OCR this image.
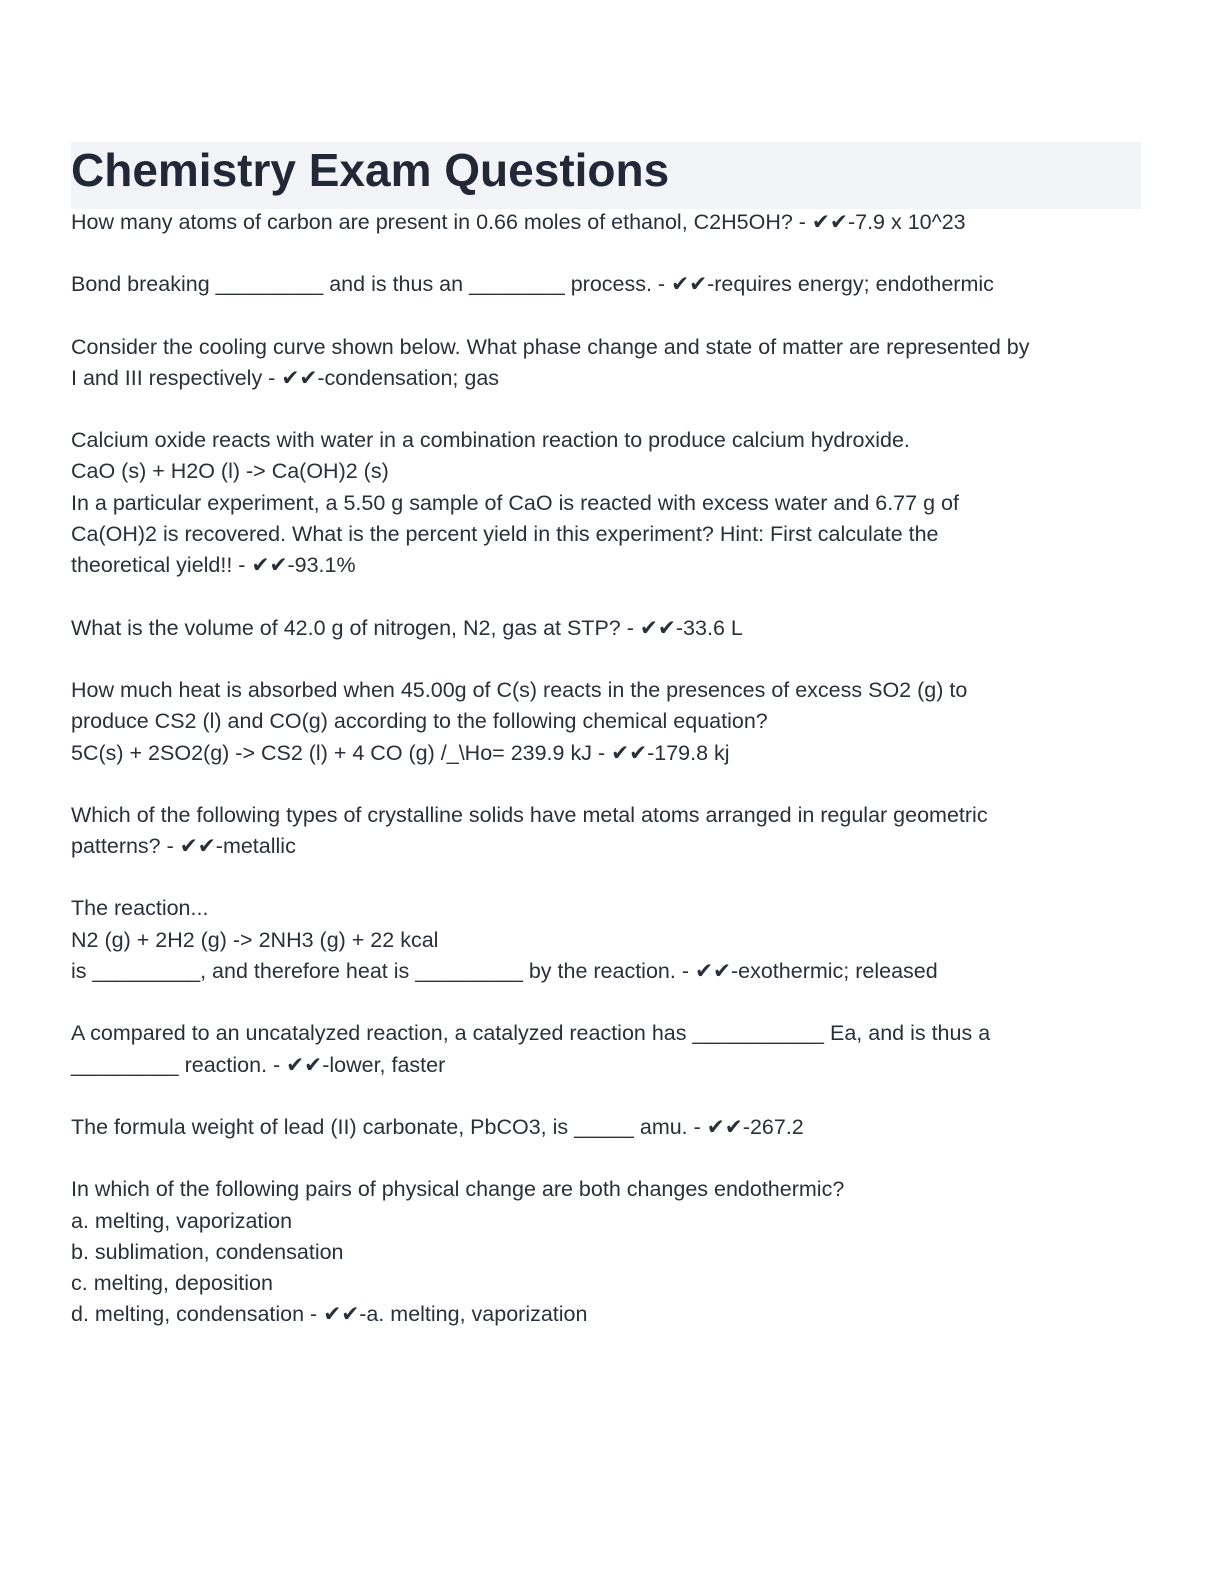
Chemistry Exam Questions
How many atoms of carbon are present in 0.66 moles of ethanol, C2H5OH? - ✔✔-7.9 x 10^23
Bond breaking _________ and is thus an ________ process. - ✔✔-requires energy; endothermic
Consider the cooling curve shown below. What phase change and state of matter are represented by
I and III respectively - ✔✔-condensation; gas
Calcium oxide reacts with water in a combination reaction to produce calcium hydroxide.
CaO (s) + H2O (l) -> Ca(OH)2 (s)
In a particular experiment, a 5.50 g sample of CaO is reacted with excess water and 6.77 g of
Ca(OH)2 is recovered. What is the percent yield in this experiment? Hint: First calculate the
theoretical yield!! - ✔✔-93.1%
What is the volume of 42.0 g of nitrogen, N2, gas at STP? - ✔✔-33.6 L
How much heat is absorbed when 45.00g of C(s) reacts in the presences of excess SO2 (g) to
produce CS2 (l) and CO(g) according to the following chemical equation?
5C(s) + 2SO2(g) -> CS2 (l) + 4 CO (g) /_\Ho= 239.9 kJ - ✔✔-179.8 kj
Which of the following types of crystalline solids have metal atoms arranged in regular geometric
patterns? - ✔✔-metallic
The reaction...
N2 (g) + 2H2 (g) -> 2NH3 (g) + 22 kcal
is _________, and therefore heat is _________ by the reaction. - ✔✔-exothermic; released
A compared to an uncatalyzed reaction, a catalyzed reaction has ___________ Ea, and is thus a
_________ reaction. - ✔✔-lower, faster
The formula weight of lead (II) carbonate, PbCO3, is _____ amu. - ✔✔-267.2
In which of the following pairs of physical change are both changes endothermic?
a. melting, vaporization
b. sublimation, condensation
c. melting, deposition
d. melting, condensation - ✔✔-a. melting, vaporization
